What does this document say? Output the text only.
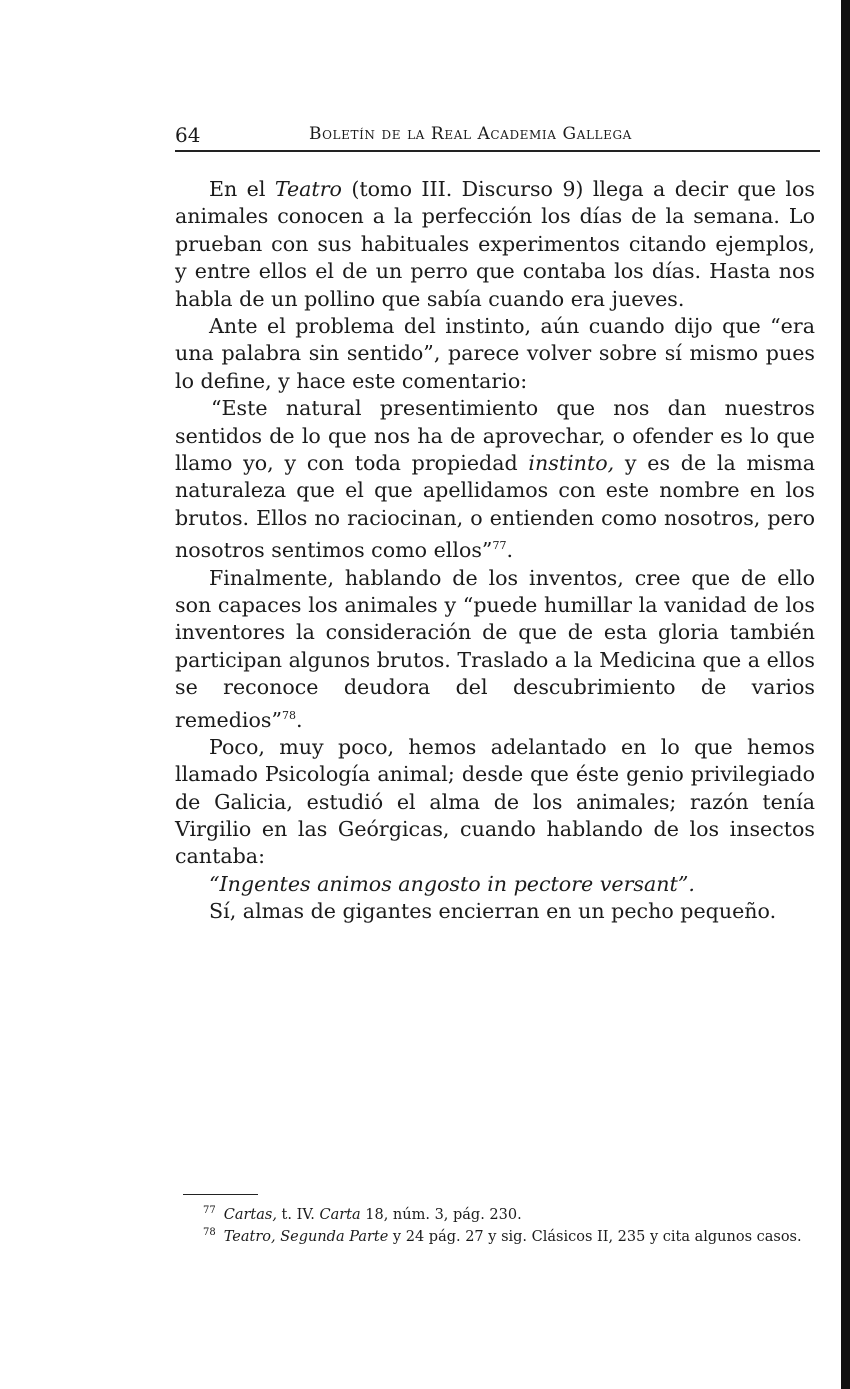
64	Boletín de la Real Academia Gallega

En el Teatro (tomo III. Discurso 9) llega a decir que los animales conocen a la perfección los días de la semana. Lo prueban con sus habituales experimentos citando ejemplos, y entre ellos el de un perro que contaba los días. Hasta nos habla de un pollino que sabía cuando era jueves.

Ante el problema del instinto, aún cuando dijo que “era una palabra sin sentido”, parece volver sobre sí mismo pues lo define, y hace este comentario:

“Este natural presentimiento que nos dan nuestros sentidos de lo que nos ha de aprovechar, o ofender es lo que llamo yo, y con toda propiedad instinto, y es de la misma naturaleza que el que apellidamos con este nombre en los brutos. Ellos no raciocinan, o entienden como nosotros, pero nosotros sentimos como ellos”$^{77}$.

Finalmente, hablando de los inventos, cree que de ello son capaces los animales y “puede humillar la vanidad de los inventores la consideración de que de esta gloria también participan algunos brutos. Traslado a la Medicina que a ellos se reconoce deudora del descubrimiento de varios remedios”$^{78}$.

Poco, muy poco, hemos adelantado en lo que hemos llamado Psicología animal; desde que éste genio privilegiado de Galicia, estudió el alma de los animales; razón tenía Virgilio en las Geórgicas, cuando hablando de los insectos cantaba:

“Ingentes animos angosto in pectore versant”.

Sí, almas de gigantes encierran en un pecho pequeño.

$^{77}$ Cartas, t. IV. Carta 18, núm. 3, pág. 230.

$^{78}$ Teatro, Segunda Parte y 24 pág. 27 y sig. Clásicos II, 235 y cita algunos casos.
